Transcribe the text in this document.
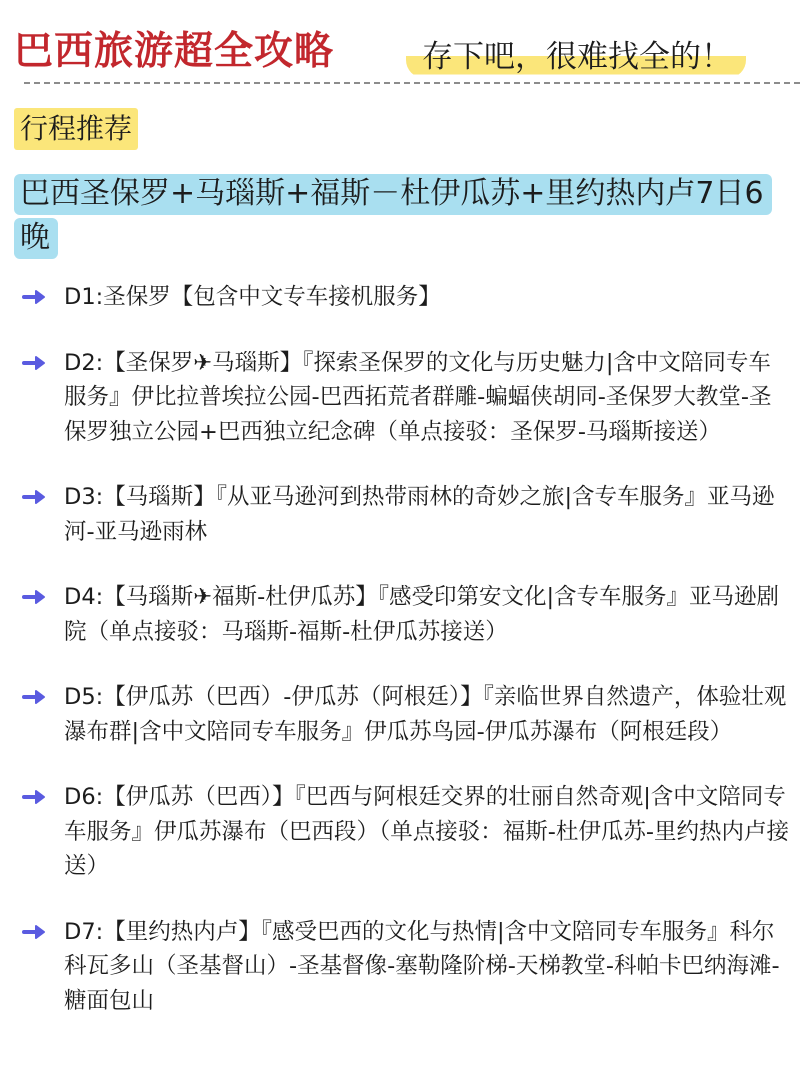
巴西旅游超全攻略	存下吧，很难找全的！
行程推荐
巴西圣保罗+马瑙斯+福斯－杜伊瓜苏+里约热内卢7日6晚
D1:圣保罗【包含中文专车接机服务】
D2:【圣保罗✈马瑙斯】『探索圣保罗的文化与历史魅力|含中文陪同专车服务』伊比拉普埃拉公园-巴西拓荒者群雕-蝙蝠侠胡同-圣保罗大教堂-圣保罗独立公园+巴西独立纪念碑（单点接驳：圣保罗-马瑙斯接送）
D3:【马瑙斯】『从亚马逊河到热带雨林的奇妙之旅|含专车服务』亚马逊河-亚马逊雨林
D4:【马瑙斯✈福斯-杜伊瓜苏】『感受印第安文化|含专车服务』亚马逊剧院（单点接驳：马瑙斯-福斯-杜伊瓜苏接送）
D5:【伊瓜苏（巴西）-伊瓜苏（阿根廷）】『亲临世界自然遗产，体验壮观瀑布群|含中文陪同专车服务』伊瓜苏鸟园-伊瓜苏瀑布（阿根廷段）
D6:【伊瓜苏（巴西）】『巴西与阿根廷交界的壮丽自然奇观|含中文陪同专车服务』伊瓜苏瀑布（巴西段）（单点接驳：福斯-杜伊瓜苏-里约热内卢接送）
D7:【里约热内卢】『感受巴西的文化与热情|含中文陪同专车服务』科尔科瓦多山（圣基督山）-圣基督像-塞勒隆阶梯-天梯教堂-科帕卡巴纳海滩-糖面包山
